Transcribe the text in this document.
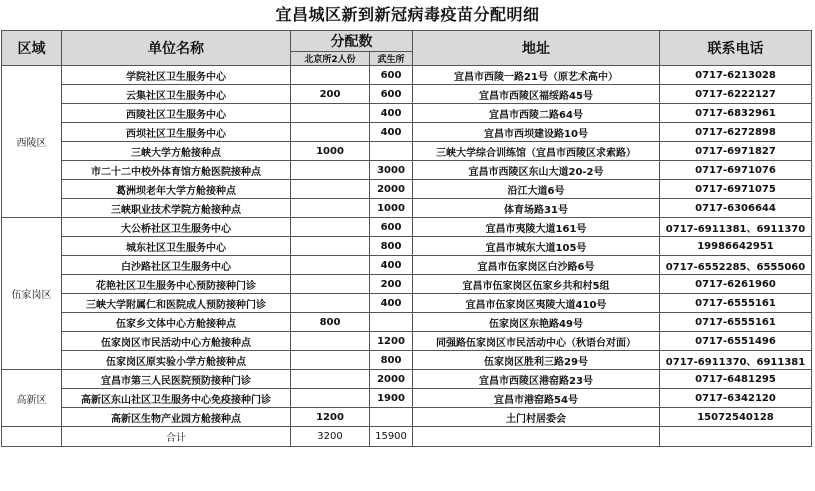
宜昌城区新到新冠病毒疫苗分配明细
区域	单位名称	分配数		地址	联系电话
		北京所2人份	武生所		
西陵区	学院社区卫生服务中心		600	宜昌市西陵一路21号（原艺术高中）	0717-6213028
	云集社区卫生服务中心	200	600	宜昌市西陵区福绥路45号	0717-6222127
	西陵社区卫生服务中心		400	宜昌市西陵二路64号	0717-6832961
	西坝社区卫生服务中心		400	宜昌市西坝建设路10号	0717-6272898
	三峡大学方舱接种点	1000		三峡大学综合训练馆（宜昌市西陵区求索路）	0717-6971827
	市二十二中校外体育馆方舱医院接种点		3000	宜昌市西陵区东山大道20-2号	0717-6971076
	葛洲坝老年大学方舱接种点		2000	沿江大道6号	0717-6971075
	三峡职业技术学院方舱接种点		1000	体育场路31号	0717-6306644
伍家岗区	大公桥社区卫生服务中心		600	宜昌市夷陵大道161号	0717-6911381、6911370
	城东社区卫生服务中心		800	宜昌市城东大道105号	19986642951
	白沙路社区卫生服务中心		400	宜昌市伍家岗区白沙路6号	0717-6552285、6555060
	花艳社区卫生服务中心预防接种门诊		200	宜昌市伍家岗区伍家乡共和村5组	0717-6261960
	三峡大学附属仁和医院成人预防接种门诊		400	宜昌市伍家岗区夷陵大道410号	0717-6555161
	伍家乡文体中心方舱接种点	800		伍家岗区东艳路49号	0717-6555161
	伍家岗区市民活动中心方舱接种点		1200	同强路伍家岗区市民活动中心（秋语台对面）	0717-6551496
	伍家岗区原实验小学方舱接种点		800	伍家岗区胜利三路29号	0717-6911370、6911381
高新区	宜昌市第三人民医院预防接种门诊		2000	宜昌市西陵区港窑路23号	0717-6481295
	高新区东山社区卫生服务中心免疫接种门诊		1900	宜昌市港窑路54号	0717-6342120
	高新区生物产业园方舱接种点	1200		土门村居委会	15072540128
	合计	3200	15900		
